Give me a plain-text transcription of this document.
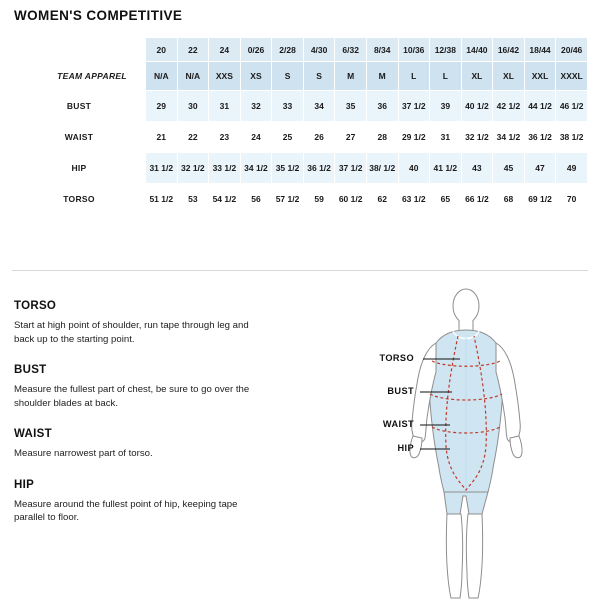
WOMEN'S COMPETITIVE
	20	22	24	0/26	2/28	4/30	6/32	8/34	10/36	12/38	14/40	16/42	18/44	20/46
TEAM APPAREL	N/A	N/A	XXS	XS	S	S	M	M	L	L	XL	XL	XXL	XXXL
BUST	29	30	31	32	33	34	35	36	37 1/2	39	40 1/2	42 1/2	44 1/2	46 1/2
WAIST	21	22	23	24	25	26	27	28	29 1/2	31	32 1/2	34 1/2	36 1/2	38 1/2
HIP	31 1/2	32 1/2	33 1/2	34 1/2	35 1/2	36 1/2	37 1/2	38/ 1/2	40	41 1/2	43	45	47	49
TORSO	51 1/2	53	54 1/2	56	57 1/2	59	60 1/2	62	63 1/2	65	66 1/2	68	69 1/2	70
TORSO
Start at high point of shoulder, run tape through leg and back up to the starting point.
BUST
Measure the fullest part of chest, be sure to go over the shoulder blades at back.
WAIST
Measure narrowest part of torso.
HIP
Measure around the fullest point of hip, keeping tape parallel to floor.
TORSO
BUST
WAIST
HIP
